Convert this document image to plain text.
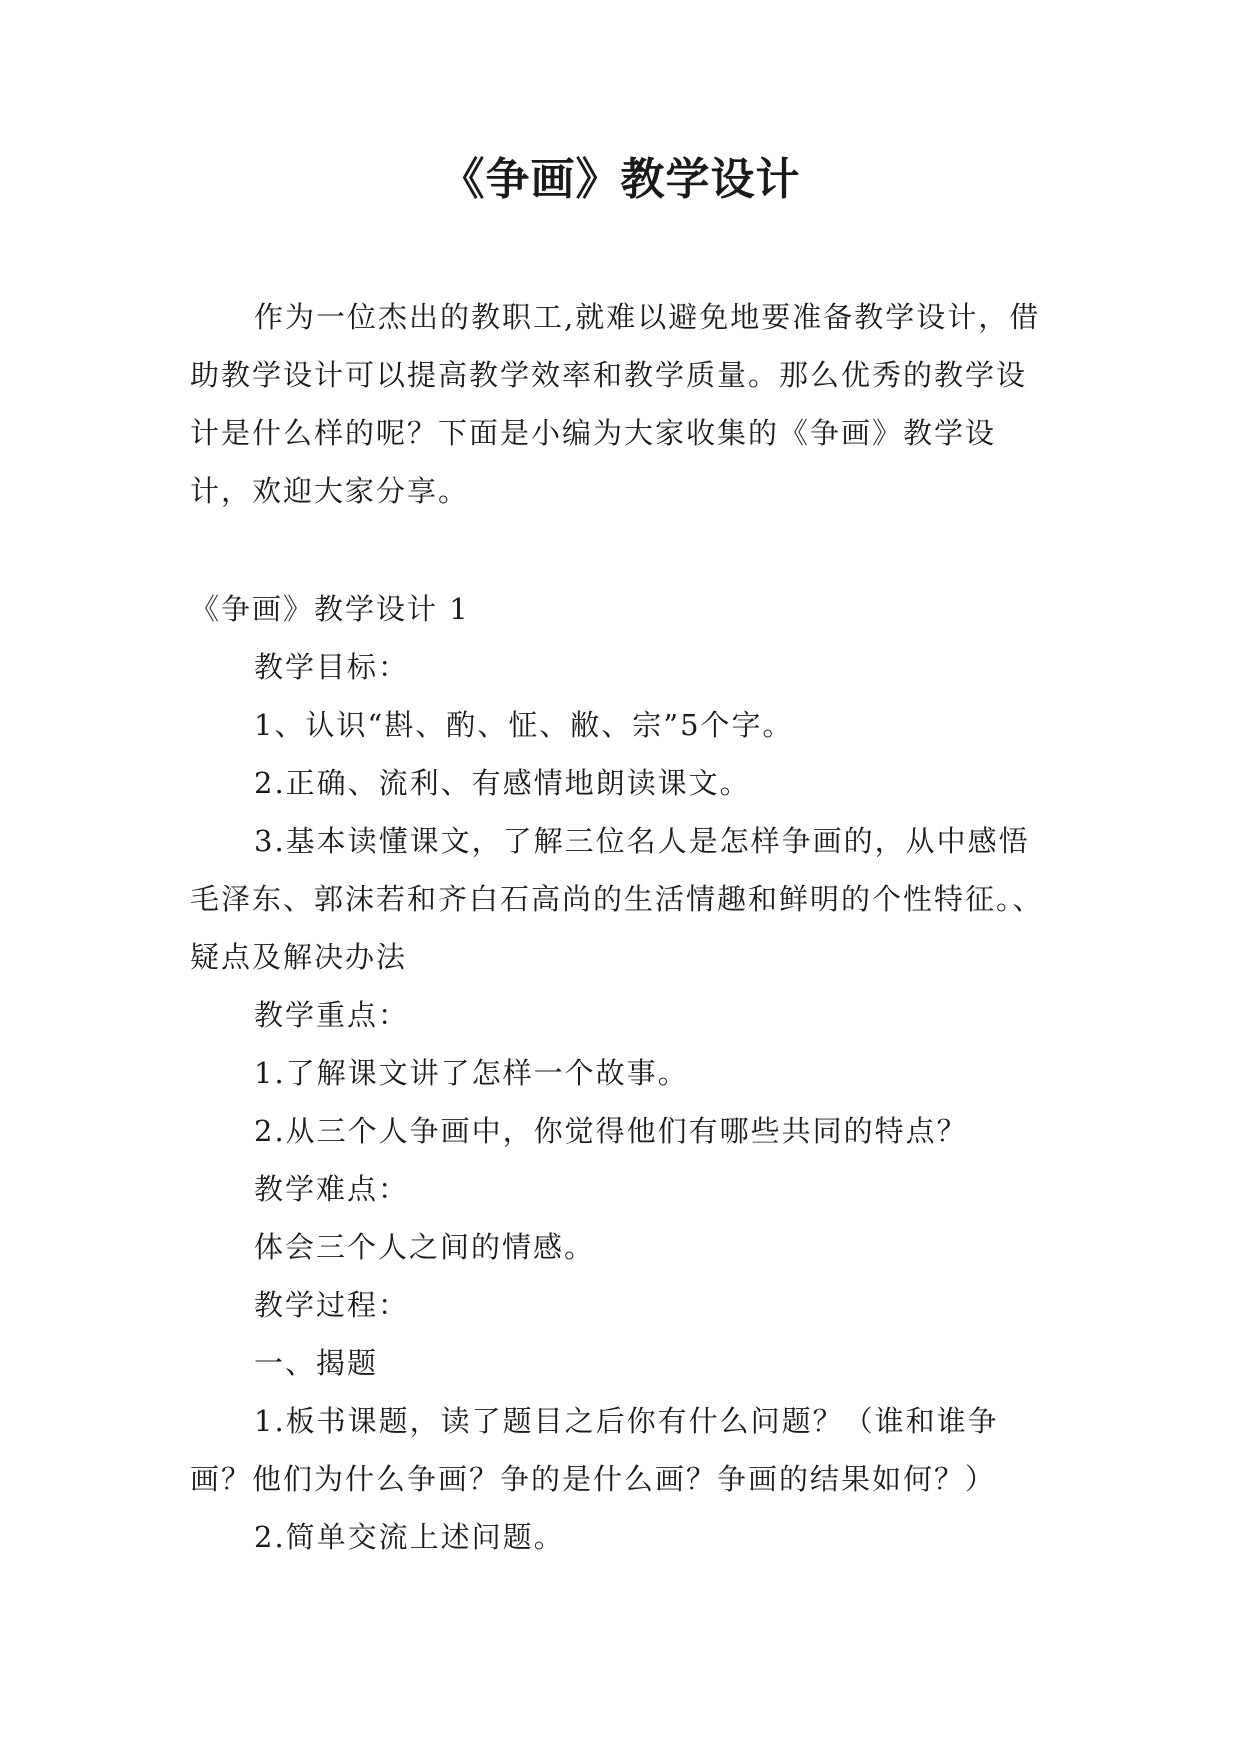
《争画》教学设计
作为一位杰出的教职工,就难以避免地要准备教学设计，借助教学设计可以提高教学效率和教学质量。那么优秀的教学设计是什么样的呢？下面是小编为大家收集的《争画》教学设计，欢迎大家分享。

《争画》教学设计 1

教学目标：

1、认识“斟、酌、怔、敝、宗”5个字。

2.正确、流利、有感情地朗读课文。

3.基本读懂课文，了解三位名人是怎样争画的，从中感悟毛泽东、郭沫若和齐白石高尚的生活情趣和鲜明的个性特征。、疑点及解决办法

教学重点：

1.了解课文讲了怎样一个故事。

2.从三个人争画中，你觉得他们有哪些共同的特点？

教学难点：

体会三个人之间的情感。

教学过程：

一、揭题

1.板书课题，读了题目之后你有什么问题？（谁和谁争画？他们为什么争画？争的是什么画？争画的结果如何？）

2.简单交流上述问题。
